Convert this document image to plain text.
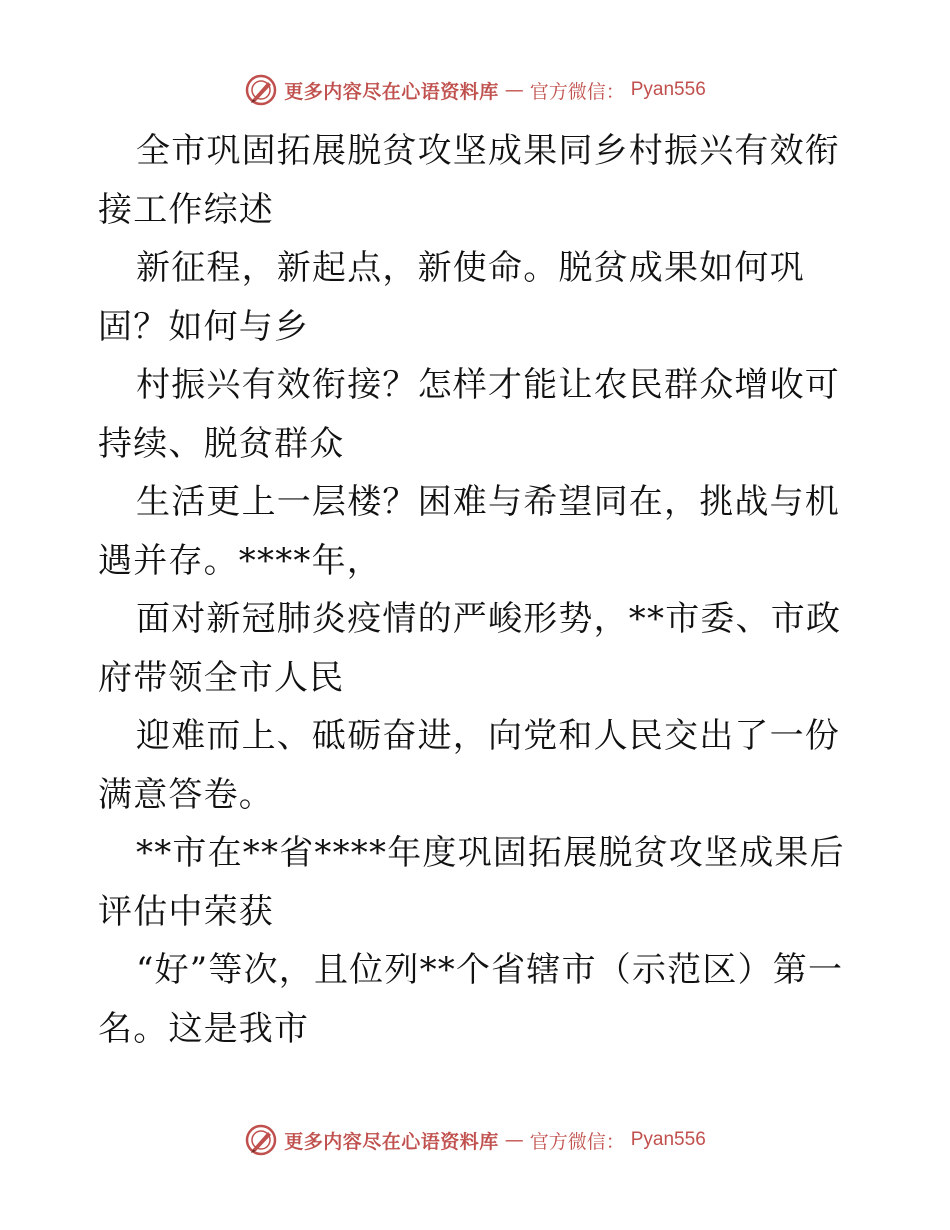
更多内容尽在心语资料库 — 官方微信： Pyan556

全市巩固拓展脱贫攻坚成果同乡村振兴有效衔接工作综述

新征程，新起点，新使命。脱贫成果如何巩固？如何与乡

村振兴有效衔接？怎样才能让农民群众增收可持续、脱贫群众

生活更上一层楼？困难与希望同在，挑战与机遇并存。****年，

面对新冠肺炎疫情的严峻形势，**市委、市政府带领全市人民

迎难而上、砥砺奋进，向党和人民交出了一份满意答卷。

**市在**省****年度巩固拓展脱贫攻坚成果后评估中荣获

“好”等次，且位列**个省辖市（示范区）第一名。这是我市

更多内容尽在心语资料库 — 官方微信： Pyan556
